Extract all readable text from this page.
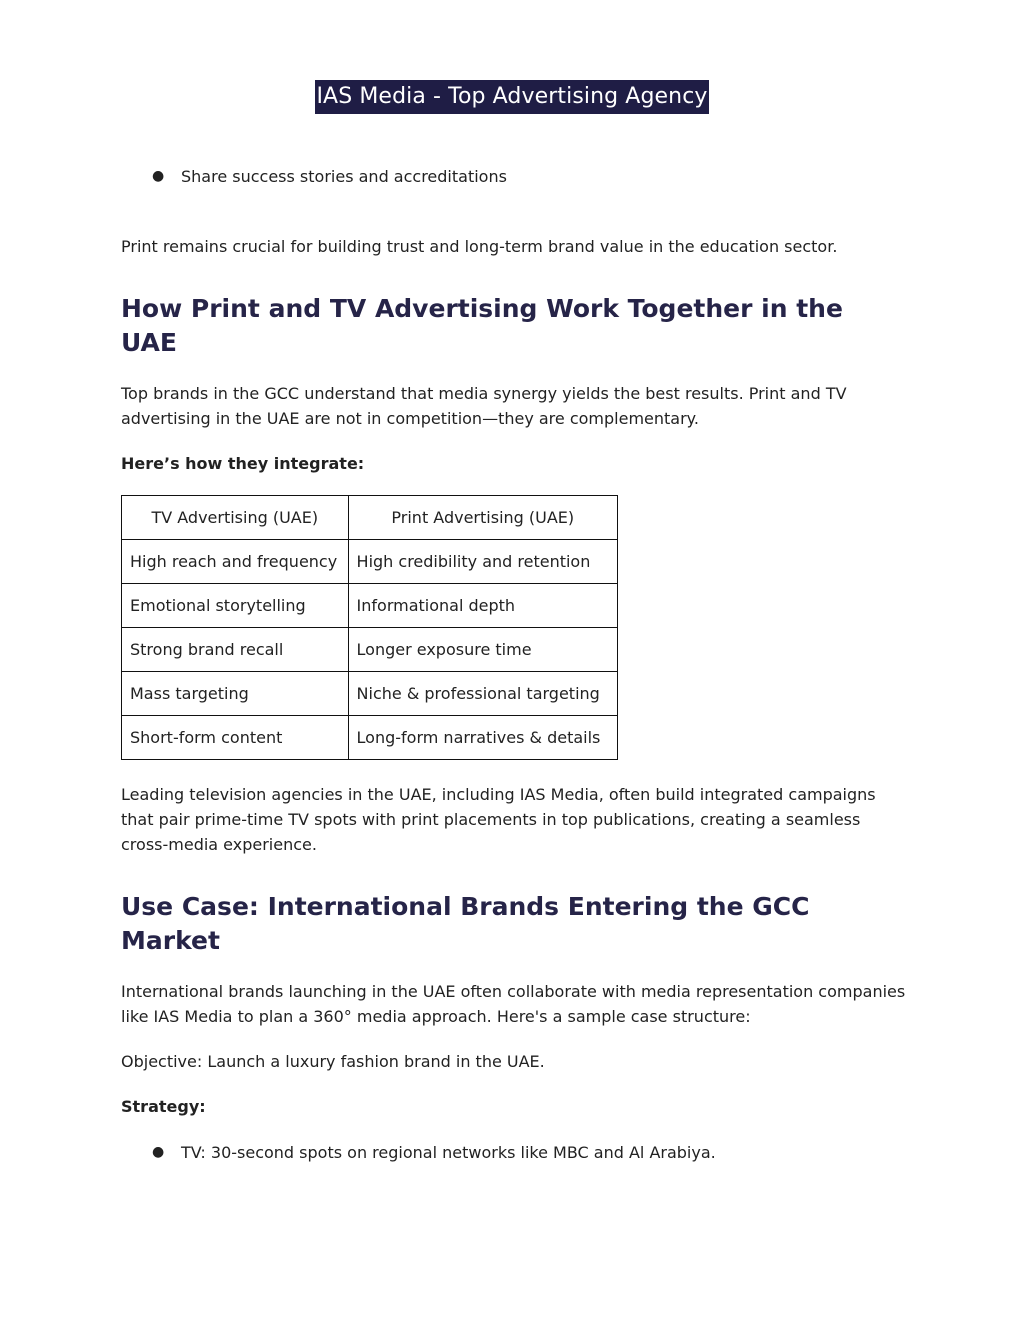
IAS Media - Top Advertising Agency
● Share success stories and accreditations

Print remains crucial for building trust and long-term brand value in the education sector.

How Print and TV Advertising Work Together in the UAE

Top brands in the GCC understand that media synergy yields the best results. Print and TV advertising in the UAE are not in competition—they are complementary.

Here’s how they integrate:

TV Advertising (UAE)	Print Advertising (UAE)
High reach and frequency	High credibility and retention
Emotional storytelling	Informational depth
Strong brand recall	Longer exposure time
Mass targeting	Niche & professional targeting
Short-form content	Long-form narratives & details

Leading television agencies in the UAE, including IAS Media, often build integrated campaigns that pair prime-time TV spots with print placements in top publications, creating a seamless cross-media experience.

Use Case: International Brands Entering the GCC Market

International brands launching in the UAE often collaborate with media representation companies like IAS Media to plan a 360° media approach. Here's a sample case structure:

Objective: Launch a luxury fashion brand in the UAE.

Strategy:

● TV: 30-second spots on regional networks like MBC and Al Arabiya.
